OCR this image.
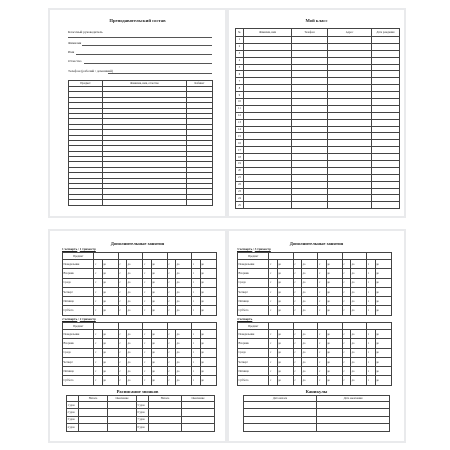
Преподавательский состав
Классный руководитель
Фамилия
Имя
Отчество
Телефон (рабочий / домашний)
Предмет	Фамилия, имя, отчество	Кабинет

Мой класс
№	Фамилия, имя	Телефон	Адрес	Дата рождения
1				
2				
3				
4				
5				
6				
7				
8				
9				
10				
11				
12				
13				
14				
15				
16				
17				
18				
19				
20				
21				
22				
23				
24				
25				
Дополнительные занятия
1 четверть / 1 триместр
Предмет										
Понедельник	с	до	с	до	с	до	с	до	с	до
Вторник	с	до	с	до	с	до	с	до	с	до
Среда	с	до	с	до	с	до	с	до	с	до
Четверг	с	до	с	до	с	до	с	до	с	до
Пятница	с	до	с	до	с	до	с	до	с	до
Суббота	с	до	с	до	с	до	с	до	с	до
2 четверть / 2 триместр
Предмет										
Понедельник	с	до	с	до	с	до	с	до	с	до
Вторник	с	до	с	до	с	до	с	до	с	до
Среда	с	до	с	до	с	до	с	до	с	до
Четверг	с	до	с	до	с	до	с	до	с	до
Пятница	с	до	с	до	с	до	с	до	с	до
Суббота	с	до	с	до	с	до	с	до	с	до
Расписание звонков
	Начало	Окончание		Начало	Окончание
1 урок			5 урок		
2 урок			6 урок		
3 урок			7 урок		
4 урок			8 урок		
Дополнительные занятия
3 четверть / 3 триместр
Предмет										
Понедельник	с	до	с	до	с	до	с	до	с	до
Вторник	с	до	с	до	с	до	с	до	с	до
Среда	с	до	с	до	с	до	с	до	с	до
Четверг	с	до	с	до	с	до	с	до	с	до
Пятница	с	до	с	до	с	до	с	до	с	до
Суббота	с	до	с	до	с	до	с	до	с	до
4 четверть
Предмет										
Понедельник	с	до	с	до	с	до	с	до	с	до
Вторник	с	до	с	до	с	до	с	до	с	до
Среда	с	до	с	до	с	до	с	до	с	до
Четверг	с	до	с	до	с	до	с	до	с	до
Пятница	с	до	с	до	с	до	с	до	с	до
Суббота	с	до	с	до	с	до	с	до	с	до
Каникулы
Дата начала	Дата окончания
